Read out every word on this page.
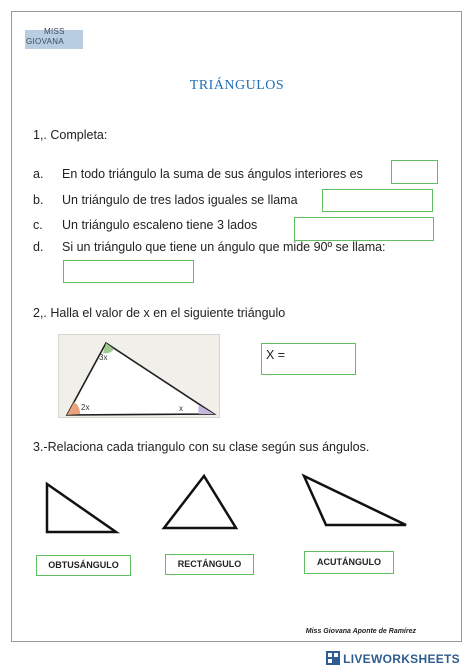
MISS
GIOVANA
TRIÁNGULOS
1,. Completa:
a. En todo triángulo la suma de sus ángulos interiores es
b. Un triángulo de tres lados iguales se llama
c. Un triángulo escaleno tiene 3 lados
d. Si un triángulo que tiene un ángulo que mide 90º se llama:
2,. Halla el valor de x en el siguiente triángulo
3x
2x	x
X =
3.-Relaciona cada triangulo con su clase según sus ángulos.
OBTUSÁNGULO	RECTÁNGULO	ACUTÁNGULO
Miss Giovana Aponte de Ramírez
LIVEWORKSHEETS
